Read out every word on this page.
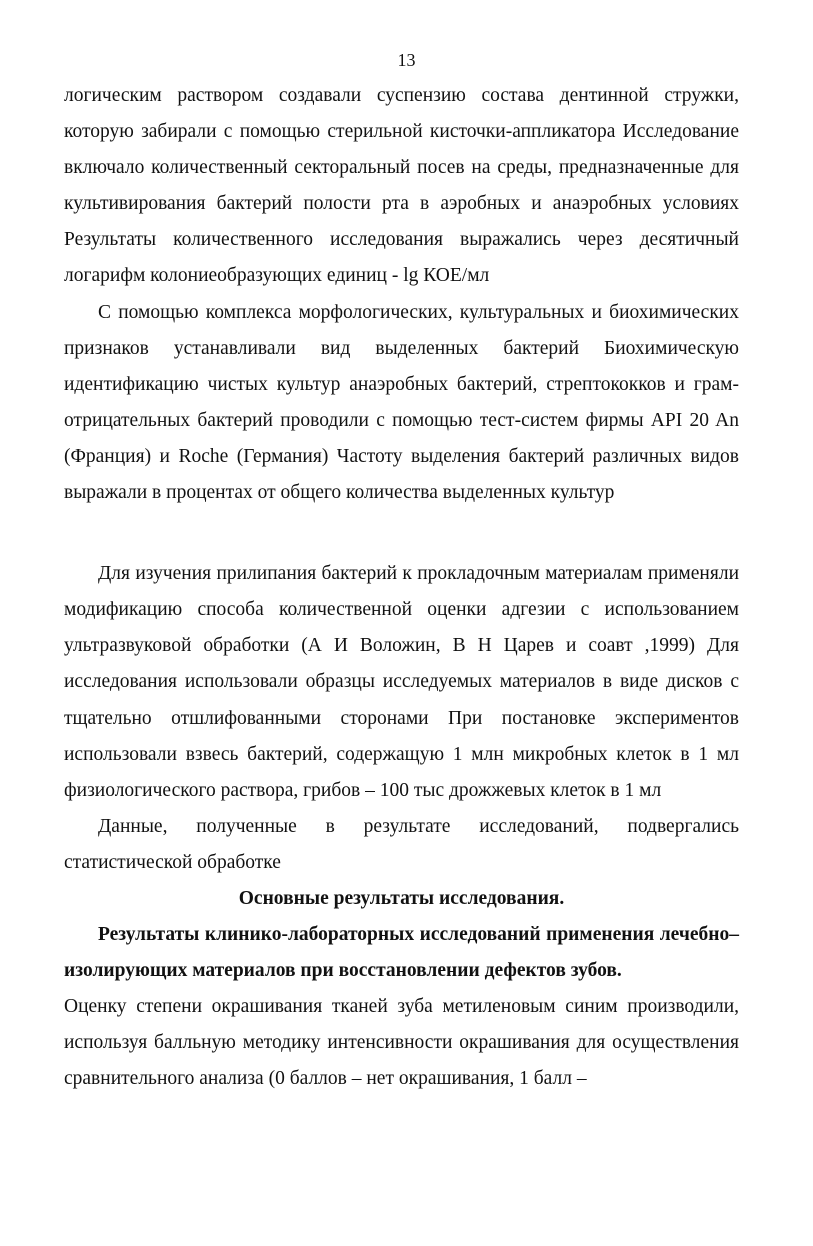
13

логическим раствором создавали суспензию состава дентинной стружки, которую забирали с помощью стерильной кисточки-аппликатора Исследование включало количественный секторальный посев на среды, предназначенные для культивирования бактерий полости рта в аэробных и анаэробных условиях Результаты количественного исследования выражались через десятичный логарифм колониеобразующих единиц - lg КОЕ/мл

С помощью комплекса морфологических, культуральных и биохимических признаков устанавливали вид выделенных бактерий Биохимическую идентификацию чистых культур анаэробных бактерий, стрептококков и грам-отрицательных бактерий проводили с помощью тест-систем фирмы API 20 An (Франция) и Roche (Германия) Частоту выделения бактерий различных видов выражали в процентах от общего количества выделенных культур

Для изучения прилипания бактерий к прокладочным материалам применяли модификацию способа количественной оценки адгезии с использованием ультразвуковой обработки (А И Воложин, В Н Царев и соавт ,1999) Для исследования использовали образцы исследуемых материалов в виде дисков с тщательно отшлифованными сторонами При постановке экспериментов использовали взвесь бактерий, содержащую 1 млн микробных клеток в 1 мл физиологического раствора, грибов – 100 тыс дрожжевых клеток в 1 мл

Данные, полученные в результате исследований, подвергались статистической обработке

Основные результаты исследования.

Результаты клинико-лабораторных исследований применения лечебно–изолирующих материалов при восстановлении дефектов зубов.

Оценку степени окрашивания тканей зуба метиленовым синим производили, используя балльную методику интенсивности окрашивания для осуществления сравнительного анализа (0 баллов – нет окрашивания, 1 балл –
